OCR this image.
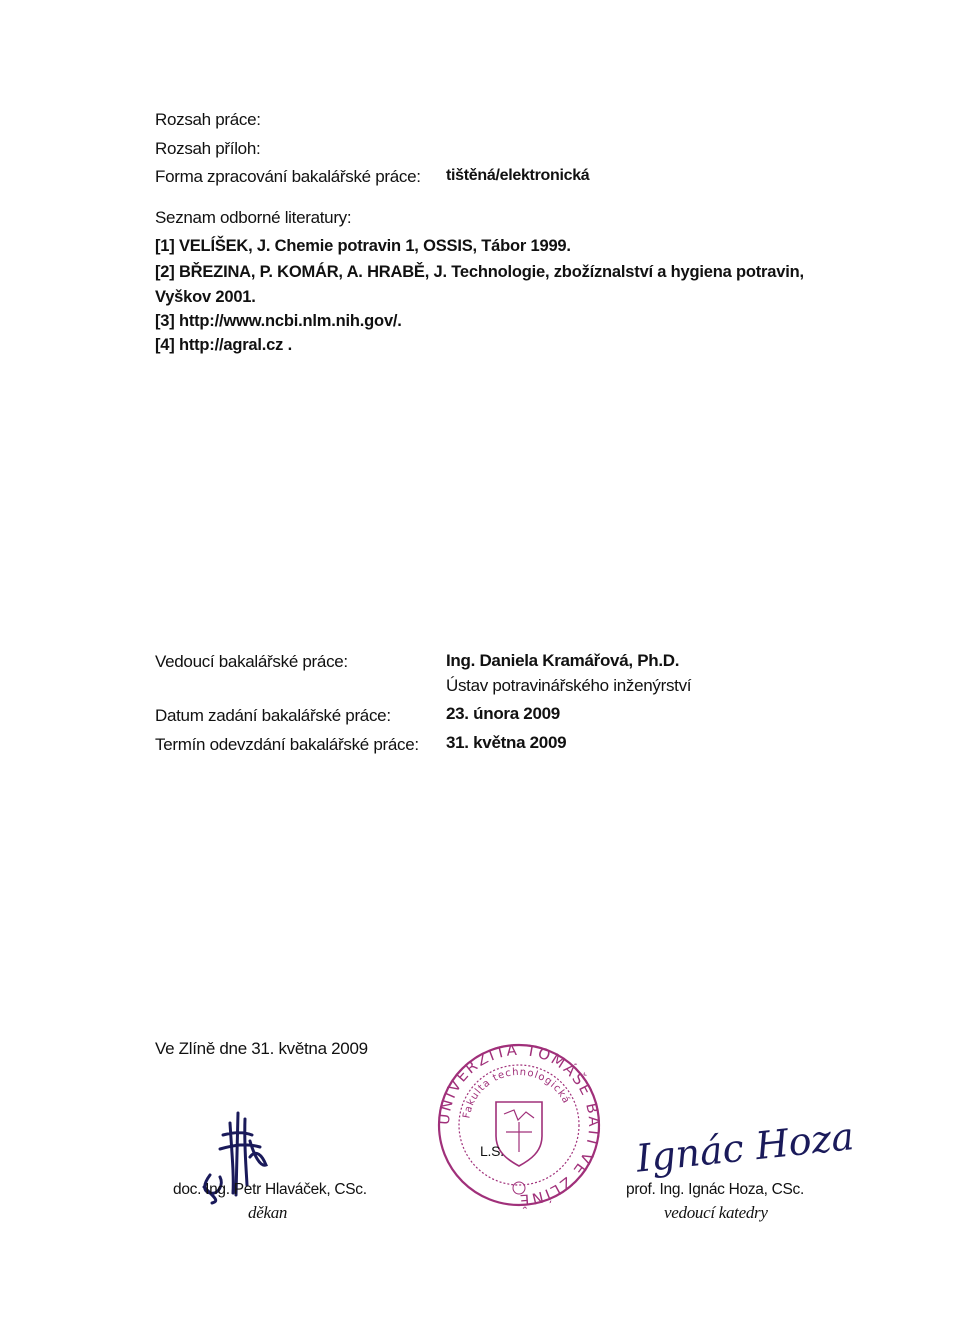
Rozsah práce:
Rozsah příloh:
Forma zpracování bakalářské práce: tištěná/elektronická
Seznam odborné literatury:
[1] VELÍŠEK, J. Chemie potravin 1, OSSIS, Tábor 1999.
[2] BŘEZINA, P. KOMÁR, A. HRABĚ, J. Technologie, zbožíznalství a hygiena potravin,
Vyškov 2001.
[3] http://www.ncbi.nlm.nih.gov/.
[4] http://agral.cz .
Vedoucí bakalářské práce:	Ing. Daniela Kramářová, Ph.D.
Ústav potravinářského inženýrství
Datum zadání bakalářské práce:	23. února 2009
Termín odevzdání bakalářské práce: 31. května 2009
Ve Zlíně dne 31. května 2009
doc. Ing. Petr Hlaváček, CSc.
děkan
UNIVERZITA TOMÁŠE BATI VE ZLÍNĚ
Fakulta technologická
L.S.	Ignác Hoza
prof. Ing. Ignác Hoza, CSc.
vedoucí katedry
